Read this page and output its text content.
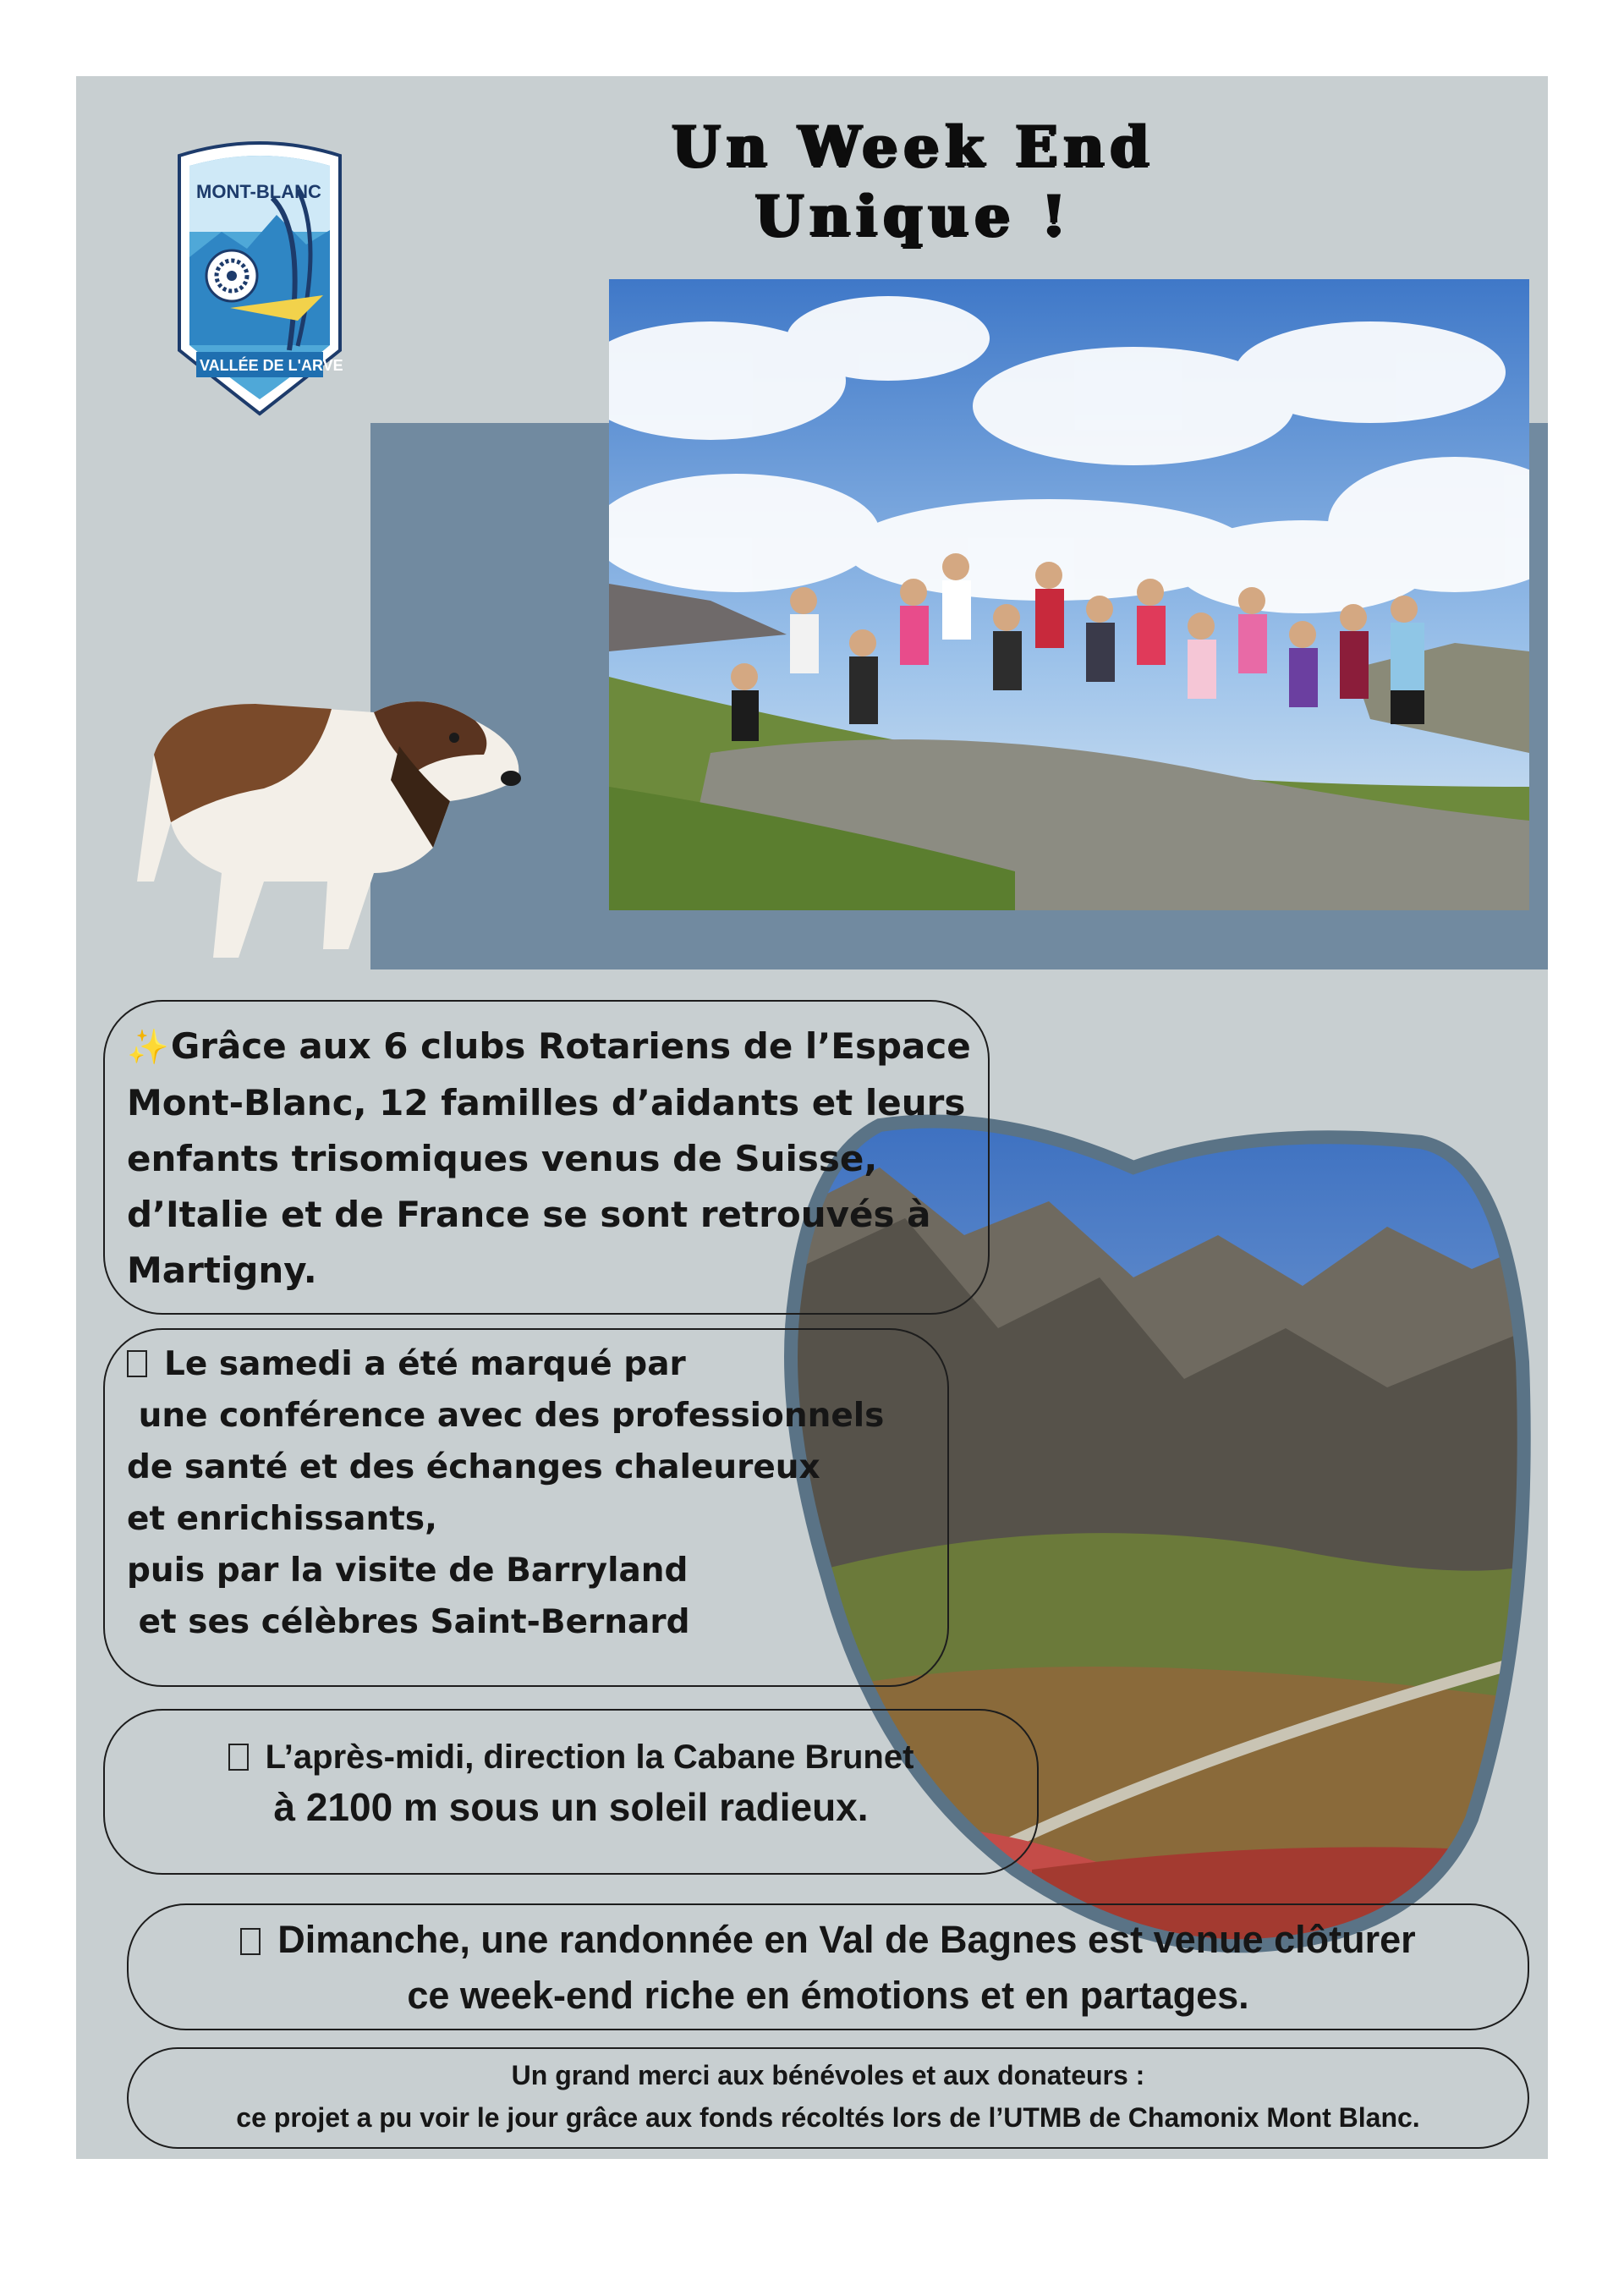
Un Week End
Unique !
MONT-BLANC
VALLÉE DE L'ARVE
✨Grâce aux 6 clubs Rotariens de l’Espace
Mont-Blanc, 12 familles d’aidants et leurs
enfants trisomiques venus de Suisse,
d’Italie et de France se sont retrouvés à
Martigny.
Le samedi a été marqué par
une conférence avec des professionnels
de santé et des échanges chaleureux
et enrichissants,
puis par la visite de Barryland
et ses célèbres Saint-Bernard
L’après-midi, direction la Cabane Brunet
à 2100 m sous un soleil radieux.
Dimanche, une randonnée en Val de Bagnes est venue clôturer
ce week-end riche en émotions et en partages.
Un grand merci aux bénévoles et aux donateurs :
ce projet a pu voir le jour grâce aux fonds récoltés lors de l’UTMB de Chamonix Mont Blanc.
